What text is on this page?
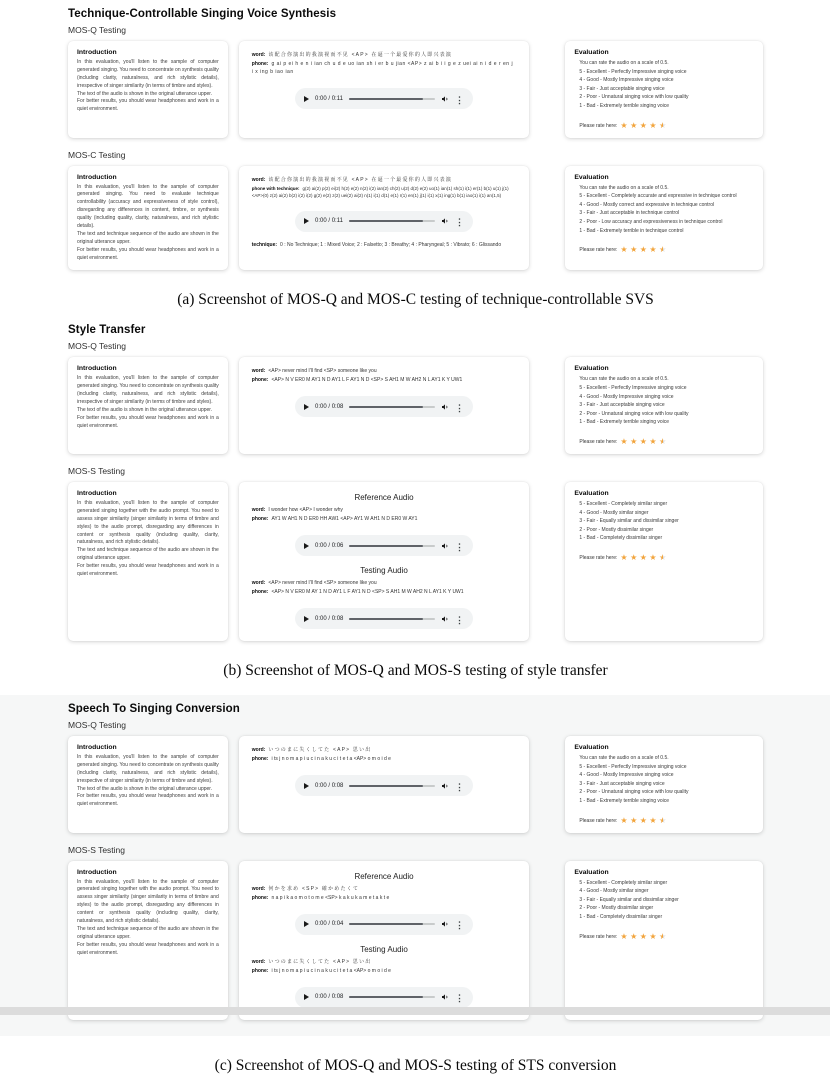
Technique-Controllable Singing Voice Synthesis
MOS-Q Testing
Introduction

In this evaluation, you'll listen to the sample of computer generated singing. You need to concentrate on synthesis quality (including clarity, naturalness, and rich stylistic details), irrespective of singer similarity (in terms of timbre and styles).

The text of the audio is shown in the original utterance upper.

For better results, you should wear headphones and work in a quiet environment.

word: 该配合你演出的我演视而不见 <AP> 在逼一个最爱你的人即兴表演
phone: g ai p ei h e n i ian ch u d e uo ian sh i er b u jian <AP> z ai b i i g e z uei ai n i d e r en j i x ing b iao ian
0:00 / 0:11
⋮
Evaluation
You can rate the audio on a scale of 0.5.
5 - Excellent - Perfectly Impressive singing voice
4 - Good - Mostly Impressive singing voice
3 - Fair - Just acceptable singing voice
2 - Poor - Unnatural singing voice with low quality
1 - Bad - Extremely terrible singing voice
Please rate here:
★
★
★
★
★ ★
MOS-C Testing
Introduction

In this evaluation, you'll listen to the sample of computer generated singing. You need to evaluate technique controllability (accuracy and expressiveness of style control), disregarding any differences in content, timbre, or synthesis quality (including quality, clarity, naturalness, and rich stylistic details).

The text and technique sequence of the audio are shown in the original utterance upper.

For better results, you should wear headphones and work in a quiet environment.

word: 该配合你演出的我演视而不见 <AP> 在逼一个最爱你的人即兴表演
phone with technique: g(2) ai(2) p(2) ei(2) h(2) e(2) n(2) i(2) ian(2) ch(2) u(2) d(2) e(2) uo(1) ian(1) sh(1) i(1) er(1) b(1) u(1) j(1) <AP>(0) z(2) ai(2) b(2) i(2) i(2) g(2) e(2) z(2) uei(2) ai(2) n(1) i(1) d(1) e(1) r(1) en(1) j(1) i(1) x(1) ing(1) b(1) iao(1) i(1) an(1,5)
0:00 / 0:11
⋮
technique: 0 : No Technique; 1 : Mixed Voice; 2 : Falsetto; 3 : Breathy; 4 : Pharyngeal; 5 : Vibrato; 6 : Glissando
Evaluation
You can rate the audio on a scale of 0.5.
5 - Excellent - Completely accurate and expressive in technique control
4 - Good - Mostly correct and expressive in technique control
3 - Fair - Just acceptable in technique control
2 - Poor - Low accuracy and expressiveness in technique control
1 - Bad - Extremely terrible in technique control
Please rate here:
★
★
★
★
★ ★
(a) Screenshot of MOS-Q and MOS-C testing of technique-controllable SVS
Style Transfer
MOS-Q Testing
Introduction

In this evaluation, you'll listen to the sample of computer generated singing. You need to concentrate on synthesis quality (including clarity, naturalness, and rich stylistic details), irrespective of singer similarity (in terms of timbre and styles).

The text of the audio is shown in the original utterance upper.

For better results, you should wear headphones and work in a quiet environment.

word: <AP> never mind I'll find <SP> someone like you
phone: <AP> N V ER0 M AY1 N D AY1 L F AY1 N D <SP> S AH1 M W AH2 N L AY1 K Y UW1
0:00 / 0:08
⋮
Evaluation
You can rate the audio on a scale of 0.5.
5 - Excellent - Perfectly Impressive singing voice
4 - Good - Mostly Impressive singing voice
3 - Fair - Just acceptable singing voice
2 - Poor - Unnatural singing voice with low quality
1 - Bad - Extremely terrible singing voice
Please rate here:
★
★
★
★
★ ★
MOS-S Testing
Introduction

In this evaluation, you'll listen to the sample of computer generated singing together with the audio prompt. You need to assess singer similarity (singer similarity in terms of timbre and styles) to the audio prompt, disregarding any differences in content or synthesis quality (including quality, clarity, naturalness, and rich stylistic details).

The text and technique sequence of the audio are shown in the original utterance upper.

For better results, you should wear headphones and work in a quiet environment.

Reference Audio
word: I wonder how <AP> I wonder why
phone: AY1 W AH1 N D ER0 HH AW1 <AP> AY1 W AH1 N D ER0 W AY1
0:00 / 0:06
⋮
Testing Audio
word: <AP> never mind I'll find <SP> someone like you
phone: <AP> N V ER0 M AY 1 N D AY1 L F AY1 N D <SP> S AH1 M W AH2 N L AY1 K Y UW1
0:00 / 0:08
⋮
Evaluation
5 - Excellent - Completely similar singer
4 - Good - Mostly similar singer
3 - Fair - Equally similar and dissimilar singer
2 - Poor - Mostly dissimilar singer
1 - Bad - Completely dissimilar singer
Please rate here:
★
★
★
★
★ ★
(b) Screenshot of MOS-Q and MOS-S testing of style transfer
Speech To Singing Conversion
MOS-Q Testing
Introduction

In this evaluation, you'll listen to the sample of computer generated singing. You need to concentrate on synthesis quality (including clarity, naturalness, and rich stylistic details), irrespective of singer similarity (in terms of timbre and styles).

The text of the audio is shown in the original utterance upper.

For better results, you should wear headphones and work in a quiet environment.

word: いつのまに失くしてた <AP> 思い出
phone: i ts j n o m a p i u c i n a k u c i t e t a <AP> o m o i d e
0:00 / 0:08
⋮
Evaluation
You can rate the audio on a scale of 0.5.
5 - Excellent - Perfectly Impressive singing voice
4 - Good - Mostly Impressive singing voice
3 - Fair - Just acceptable singing voice
2 - Poor - Unnatural singing voice with low quality
1 - Bad - Extremely terrible singing voice
Please rate here:
★
★
★
★
★ ★
MOS-S Testing
Introduction

In this evaluation, you'll listen to the sample of computer generated singing together with the audio prompt. You need to assess singer similarity (singer similarity in terms of timbre and styles) to the audio prompt, disregarding any differences in content or synthesis quality (including quality, clarity, naturalness, and rich stylistic details).

The text and technique sequence of the audio are shown in the original utterance upper.

For better results, you should wear headphones and work in a quiet environment.

Reference Audio
word: 何かを求め <SP> 確かめたくて
phone: n a p i k a o m o t o m e <SP> k a k u k a m e t a k t e
0:00 / 0:04
⋮
Testing Audio
word: いつのまに失くしてた <AP> 思い出
phone: i ts j n o m a p i u c i n a k u c i t e t a <AP> o m o i d e
0:00 / 0:08
⋮
Evaluation
5 - Excellent - Completely similar singer
4 - Good - Mostly similar singer
3 - Fair - Equally similar and dissimilar singer
2 - Poor - Mostly dissimilar singer
1 - Bad - Completely dissimilar singer
Please rate here:
★
★
★
★
★ ★
(c) Screenshot of MOS-Q and MOS-S testing of STS conversion
